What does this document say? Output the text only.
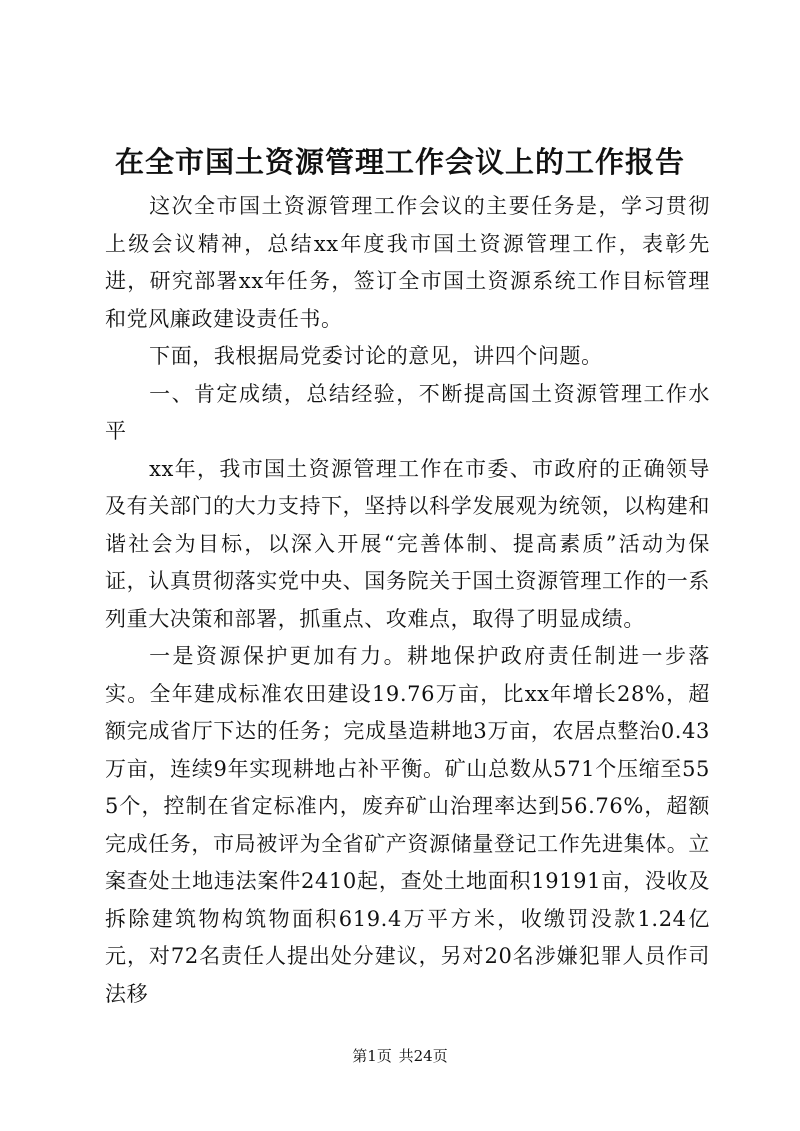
在全市国土资源管理工作会议上的工作报告

这次全市国土资源管理工作会议的主要任务是，学习贯彻上级会议精神，总结xx年度我市国土资源管理工作，表彰先进，研究部署xx年任务，签订全市国土资源系统工作目标管理和党风廉政建设责任书。

下面，我根据局党委讨论的意见，讲四个问题。

一、肯定成绩，总结经验，不断提高国土资源管理工作水平

xx年，我市国土资源管理工作在市委、市政府的正确领导及有关部门的大力支持下，坚持以科学发展观为统领，以构建和谐社会为目标，以深入开展“完善体制、提高素质”活动为保证，认真贯彻落实党中央、国务院关于国土资源管理工作的一系列重大决策和部署，抓重点、攻难点，取得了明显成绩。

一是资源保护更加有力。耕地保护政府责任制进一步落实。全年建成标准农田建设19.76万亩，比xx年增长28%，超额完成省厅下达的任务；完成垦造耕地3万亩，农居点整治0.43万亩，连续9年实现耕地占补平衡。矿山总数从571个压缩至555个，控制在省定标准内，废弃矿山治理率达到56.76%，超额完成任务，市局被评为全省矿产资源储量登记工作先进集体。立案查处土地违法案件2410起，查处土地面积19191亩，没收及拆除建筑物构筑物面积619.4万平方米，收缴罚没款1.24亿元，对72名责任人提出处分建议，另对20名涉嫌犯罪人员作司法移

第1页 共24页
